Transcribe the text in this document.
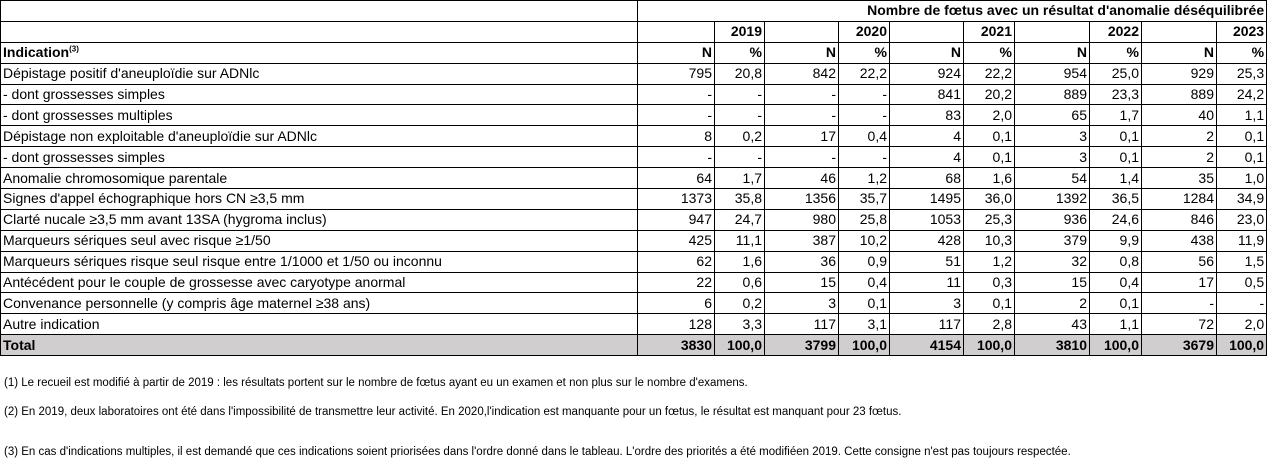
	Nombre de fœtus avec un résultat d'anomalie déséquilibrée									
		2019		2020		2021		2022		2023
Indication$^{(3)}$	N	%	N	%	N	%	N	%	N	%
Dépistage positif d'aneuploïdie sur ADNlc	795	20,8	842	22,2	924	22,2	954	25,0	929	25,3
- dont grossesses simples	-	-	-	-	841	20,2	889	23,3	889	24,2
- dont grossesses multiples	-	-	-	-	83	2,0	65	1,7	40	1,1
Dépistage non exploitable d'aneuploïdie sur ADNlc	8	0,2	17	0,4	4	0,1	3	0,1	2	0,1
- dont grossesses simples	-	-	-	-	4	0,1	3	0,1	2	0,1
Anomalie chromosomique parentale	64	1,7	46	1,2	68	1,6	54	1,4	35	1,0
Signes d'appel échographique hors CN ≥3,5 mm	1373	35,8	1356	35,7	1495	36,0	1392	36,5	1284	34,9
Clarté nucale ≥3,5 mm avant 13SA (hygroma inclus)	947	24,7	980	25,8	1053	25,3	936	24,6	846	23,0
Marqueurs sériques seul avec risque ≥1/50	425	11,1	387	10,2	428	10,3	379	9,9	438	11,9
Marqueurs sériques risque seul risque entre 1/1000 et 1/50 ou inconnu	62	1,6	36	0,9	51	1,2	32	0,8	56	1,5
Antécédent pour le couple de grossesse avec caryotype anormal	22	0,6	15	0,4	11	0,3	15	0,4	17	0,5
Convenance personnelle (y compris âge maternel ≥38 ans)	6	0,2	3	0,1	3	0,1	2	0,1	-	-
Autre indication	128	3,3	117	3,1	117	2,8	43	1,1	72	2,0
Total	3830	100,0	3799	100,0	4154	100,0	3810	100,0	3679	100,0
(1) Le recueil est modifié à partir de 2019 : les résultats portent sur le nombre de fœtus ayant eu un examen et non plus sur le nombre d'examens.
(2) En 2019, deux laboratoires ont été dans l'impossibilité de transmettre leur activité. En 2020,l'indication est manquante pour un fœtus, le résultat est manquant pour 23 fœtus.
(3) En cas d'indications multiples, il est demandé que ces indications soient priorisées dans l'ordre donné dans le tableau. L'ordre des priorités a été modifiéen 2019. Cette consigne n'est pas toujours respectée.
